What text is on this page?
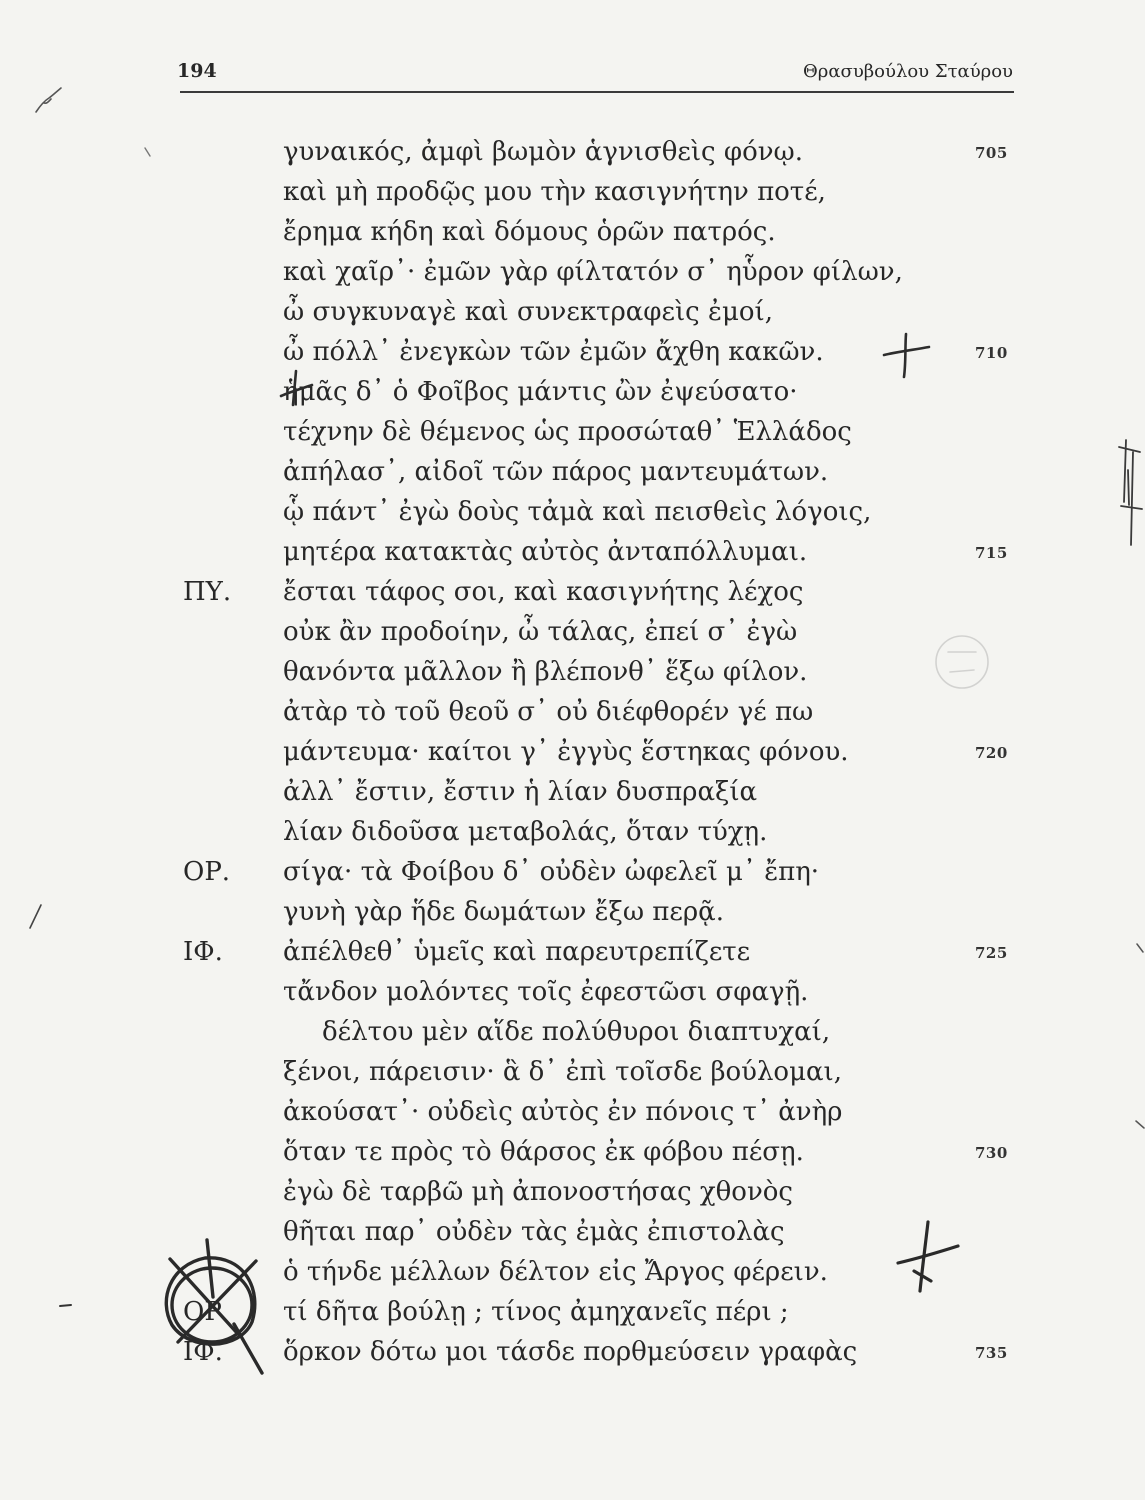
194	Θρασυβούλου Σταύρου
γυναικός, ἀμφὶ βωμὸν ἁγνισθεὶς φόνῳ.	705
καὶ μὴ προδῷς μου τὴν κασιγνήτην ποτέ,
ἔρημα κήδη καὶ δόμους ὁρῶν πατρός.
καὶ χαῖρ᾽· ἐμῶν γὰρ φίλτατόν σ᾽ ηὗρον φίλων,
ὦ συγκυναγὲ καὶ συνεκτραφεὶς ἐμοί,
ὦ πόλλ᾽ ἐνεγκὼν τῶν ἐμῶν ἄχθη κακῶν.	710
ἡμᾶς δ᾽ ὁ Φοῖβος μάντις ὢν ἐψεύσατο·
τέχνην δὲ θέμενος ὡς προσώταθ᾽ Ἑλλάδος
ἀπήλασ᾽, αἰδοῖ τῶν πάρος μαντευμάτων.
ᾧ πάντ᾽ ἐγὼ δοὺς τἀμὰ καὶ πεισθεὶς λόγοις,
μητέρα κατακτὰς αὐτὸς ἀνταπόλλυμαι.	715
ΠΥ. ἔσται τάφος σοι, καὶ κασιγνήτης λέχος
οὐκ ἂν προδοίην, ὦ τάλας, ἐπεί σ᾽ ἐγὼ
θανόντα μᾶλλον ἢ βλέπονθ᾽ ἕξω φίλον.
ἀτὰρ τὸ τοῦ θεοῦ σ᾽ οὐ διέφθορέν γέ πω
μάντευμα· καίτοι γ᾽ ἐγγὺς ἕστηκας φόνου.	720
ἀλλ᾽ ἔστιν, ἔστιν ἡ λίαν δυσπραξία
λίαν διδοῦσα μεταβολάς, ὅταν τύχῃ.
ΟΡ. σίγα· τὰ Φοίβου δ᾽ οὐδὲν ὠφελεῖ μ᾽ ἔπη·
γυνὴ γὰρ ἥδε δωμάτων ἔξω περᾷ.
ΙΦ. ἀπέλθεθ᾽ ὑμεῖς καὶ παρευτρεπίζετε	725
τἄνδον μολόντες τοῖς ἐφεστῶσι σφαγῇ.
δέλτου μὲν αἵδε πολύθυροι διαπτυχαί,
ξένοι, πάρεισιν· ἃ δ᾽ ἐπὶ τοῖσδε βούλομαι,
ἀκούσατ᾽· οὐδεὶς αὐτὸς ἐν πόνοις τ᾽ ἀνὴρ
ὅταν τε πρὸς τὸ θάρσος ἐκ φόβου πέσῃ.	730
ἐγὼ δὲ ταρβῶ μὴ ἀπονοστήσας χθονὸς
θῆται παρ᾽ οὐδὲν τὰς ἐμὰς ἐπιστολὰς
ὁ τήνδε μέλλων δέλτον εἰς Ἄργος φέρειν.
ΟΡ τί δῆτα βούλῃ ; τίνος ἀμηχανεῖς πέρι ;
ΙΦ. ὅρκον δότω μοι τάσδε πορθμεύσειν γραφὰς	735
